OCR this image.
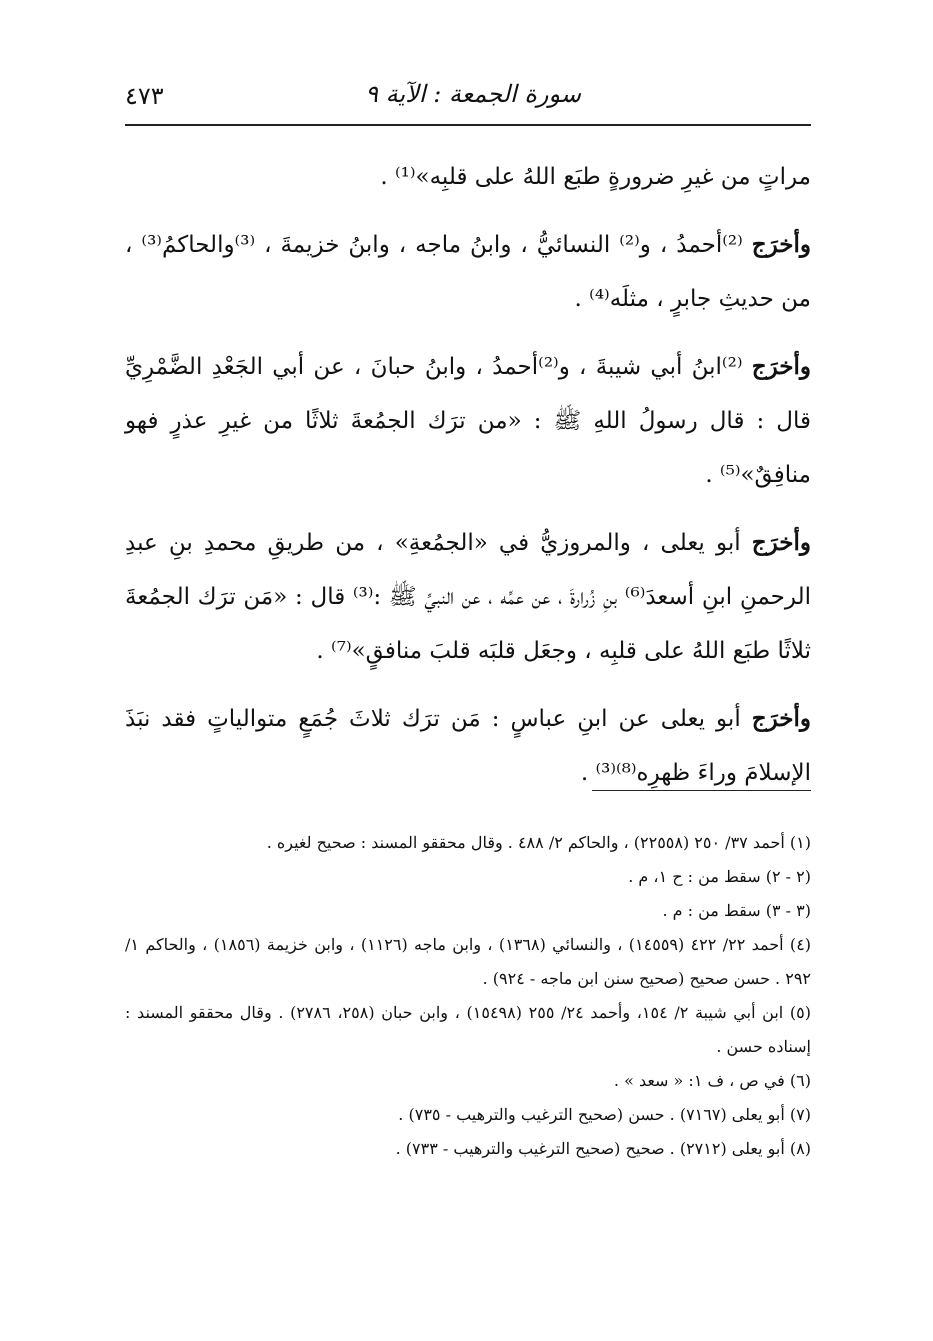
سورة الجمعة : الآية ٩
٤٧٣

مراتٍ من غيرِ ضرورةٍ طبَع اللهُ على قلبِه»⁽¹⁾ .

وأخرَج ⁽²⁾أحمدُ ، و⁽²⁾ النسائيُّ ، وابنُ ماجه ، وابنُ خزيمةَ ، ⁽³⁾والحاكمُ⁽³⁾ ، من حديثِ جابرٍ ، مثلَه⁽⁴⁾ .

وأخرَج ⁽²⁾ابنُ أبي شيبةَ ، و⁽²⁾أحمدُ ، وابنُ حبانَ ، عن أبي الجَعْدِ الضَّمْرِيِّ قال : قال رسولُ اللهِ ﷺ : «من ترَك الجمُعةَ ثلاثًا من غيرِ عذرٍ فهو منافِقٌ»⁽⁵⁾ .

وأخرَج أبو يعلى ، والمروزيُّ في «الجمُعةِ» ، من طريقِ محمدِ بنِ عبدِ الرحمنِ ابنِ أسعدَ⁽⁶⁾ بنِ زُرارةَ ، عن عمِّه ، عن النبيِّ ﷺ :⁽³⁾ قال : «مَن ترَك الجمُعةَ ثلاثًا طبَع اللهُ على قلبِه ، وجعَل قلبَه قلبَ منافقٍ»⁽⁷⁾ .

وأخرَج أبو يعلى عن ابنِ عباسٍ : مَن ترَك ثلاثَ جُمَعٍ متوالياتٍ فقد نبَذَ الإسلامَ وراءَ ظهرِه⁽⁸⁾⁽³⁾ .

(١) أحمد ٣٧/ ٢٥٠ (٢٢٥٥٨) ، والحاكم ٢/ ٤٨٨ . وقال محققو المسند : صحيح لغيره .

(٢ - ٢) سقط من : ح ١، م .

(٣ - ٣) سقط من : م .

(٤) أحمد ٢٢/ ٤٢٢ (١٤٥٥٩) ، والنسائي (١٣٦٨) ، وابن ماجه (١١٢٦) ، وابن خزيمة (١٨٥٦) ، والحاكم ١/ ٢٩٢ . حسن صحيح (صحيح سنن ابن ماجه - ٩٢٤) .

(٥) ابن أبي شيبة ٢/ ١٥٤، وأحمد ٢٤/ ٢٥٥ (١٥٤٩٨) ، وابن حبان (٢٥٨، ٢٧٨٦) . وقال محققو المسند : إسناده حسن .

(٦) في ص ، ف ١: « سعد » .

(٧) أبو يعلى (٧١٦٧) . حسن (صحيح الترغيب والترهيب - ٧٣٥) .

(٨) أبو يعلى (٢٧١٢) . صحيح (صحيح الترغيب والترهيب - ٧٣٣) .
